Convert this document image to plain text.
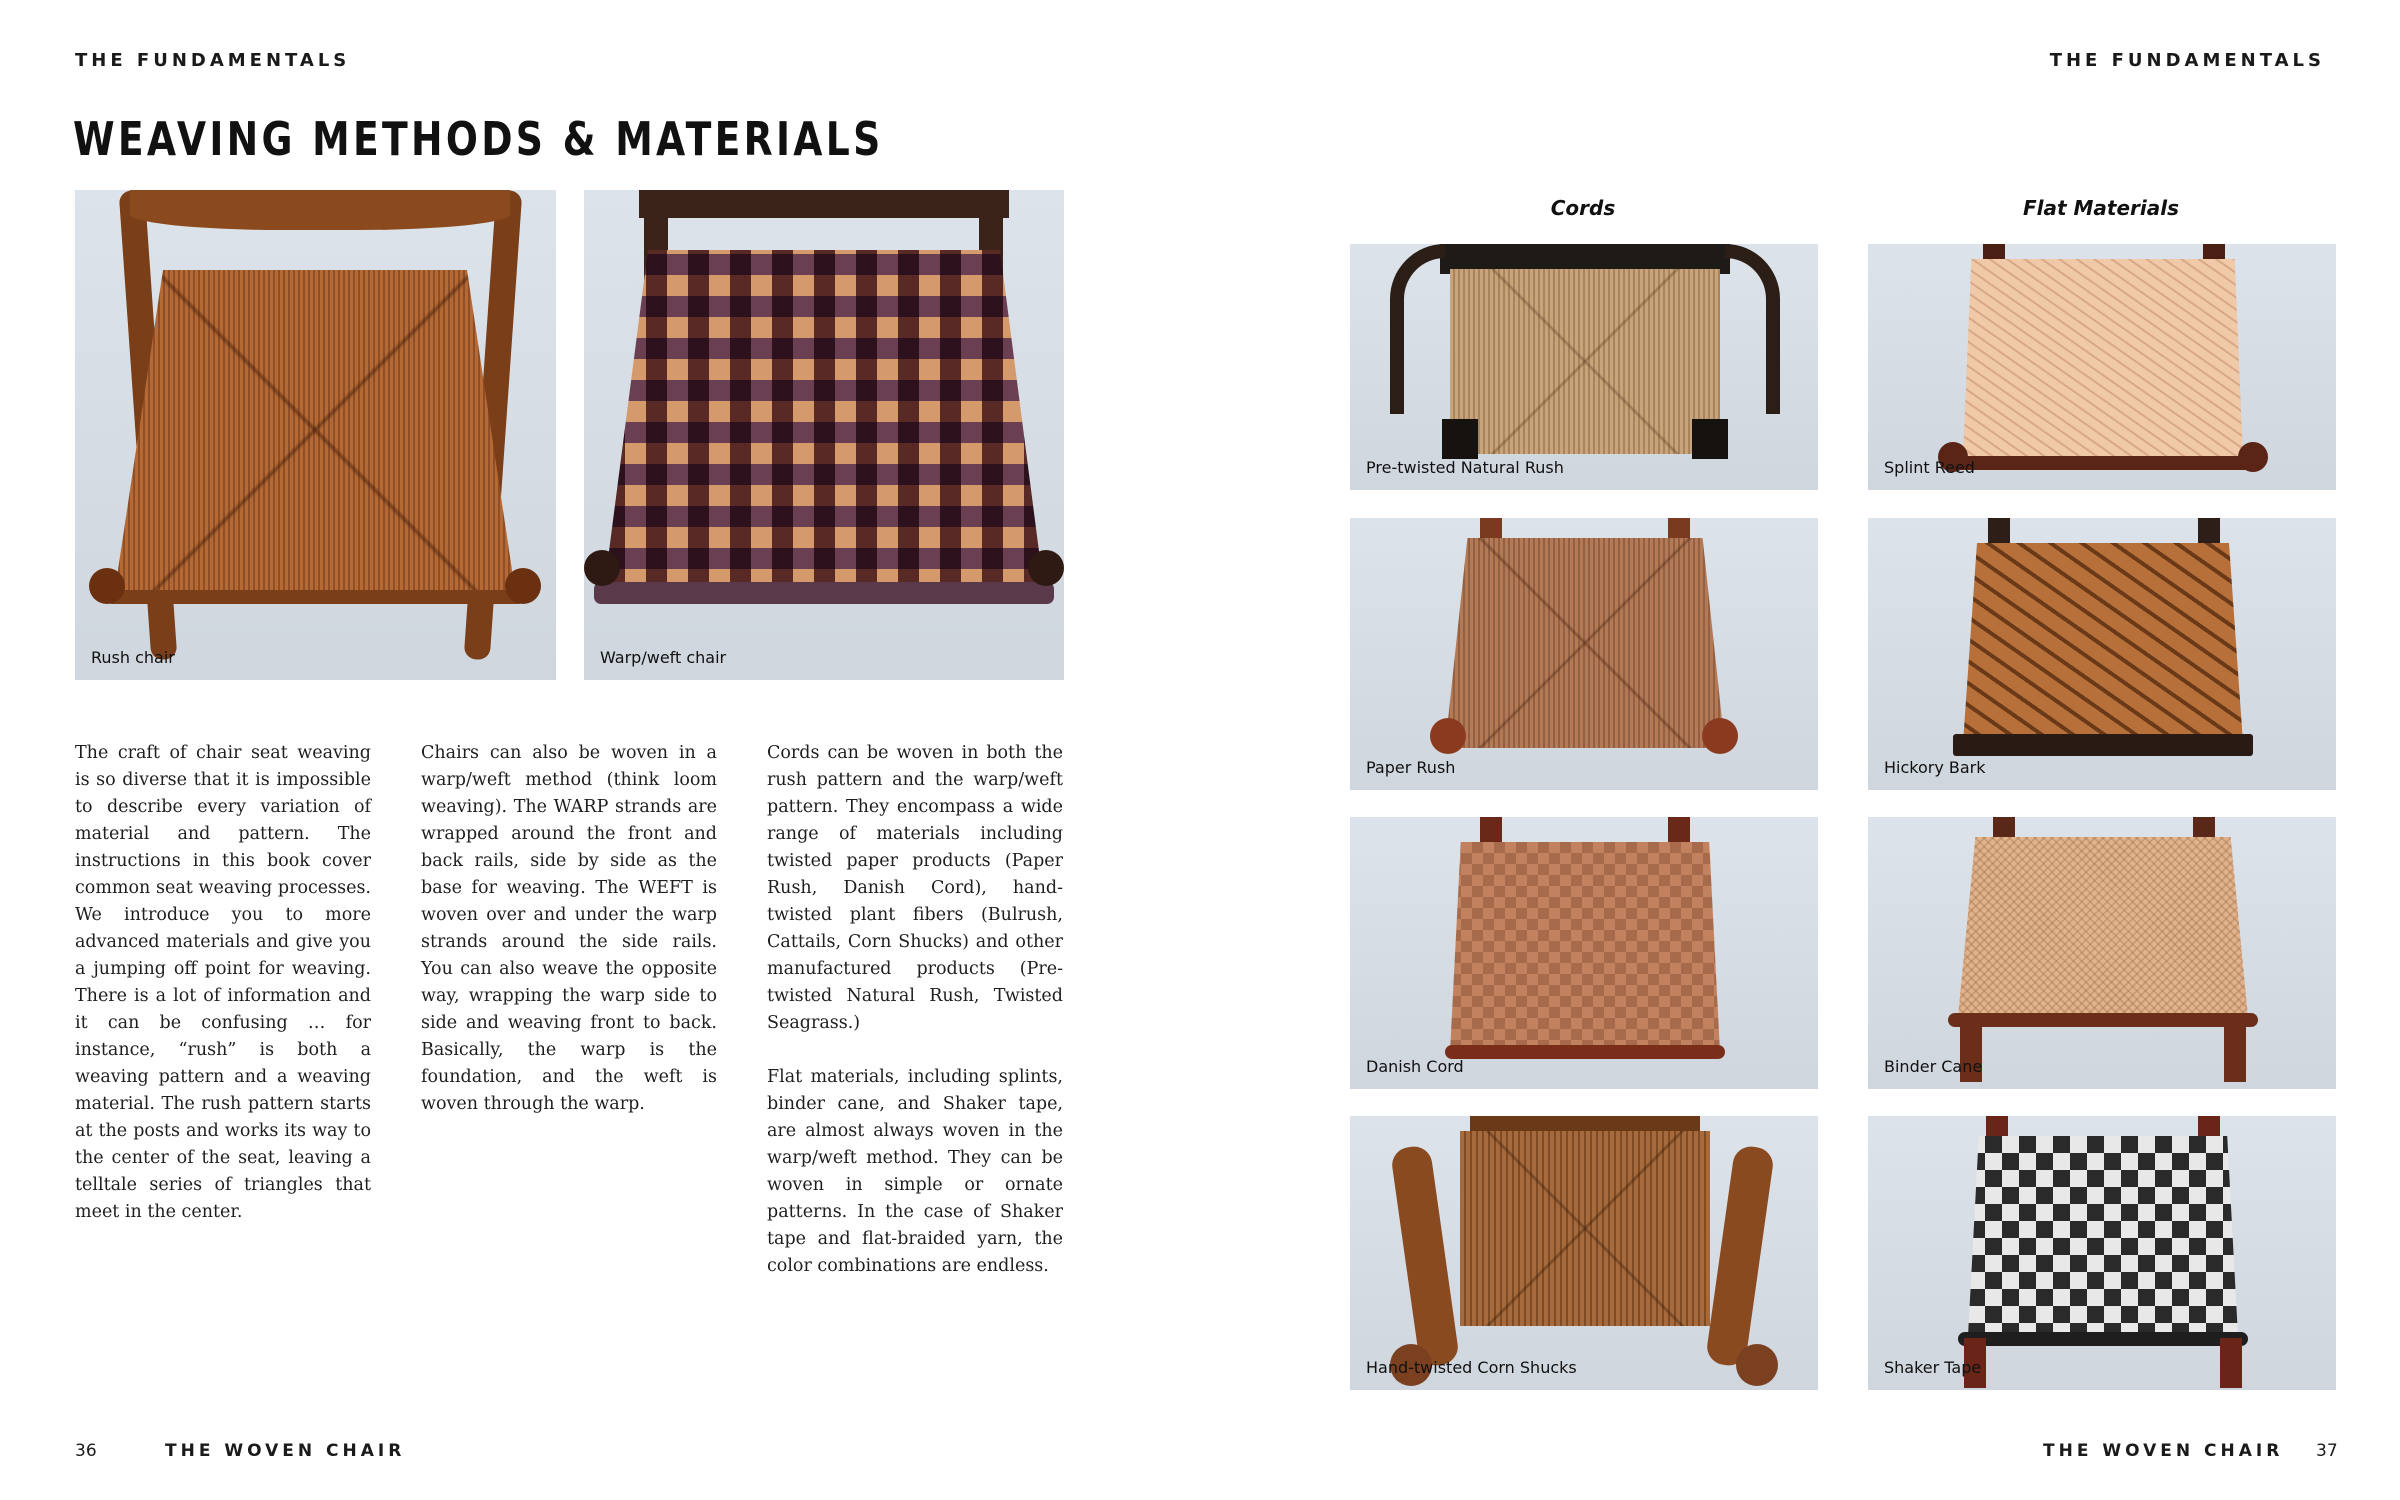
THE FUNDAMENTALS
WEAVING METHODS & MATERIALS
Rush chair	Warp/weft chair

The craft of chair seat weaving is so diverse that it is impossible to describe every variation of material and pattern. The instructions in this book cover common seat weaving processes. We introduce you to more advanced materials and give you a jumping off point for weaving. There is a lot of information and it can be confusing … for instance, “rush” is both a weaving pattern and a weaving material. The rush pattern starts at the posts and works its way to the center of the seat, leaving a telltale series of triangles that meet in the center.

Chairs can also be woven in a warp/weft method (think loom weaving). The WARP strands are wrapped around the front and back rails, side by side as the base for weaving. The WEFT is woven over and under the warp strands around the side rails. You can also weave the opposite way, wrapping the warp side to side and weaving front to back. Basically, the warp is the foundation, and the weft is woven through the warp.

Cords can be woven in both the rush pattern and the warp/weft pattern. They encompass a wide range of materials including twisted paper products (Paper Rush, Danish Cord), hand-twisted plant fibers (Bulrush, Cattails, Corn Shucks) and other manufactured products (Pre-twisted Natural Rush, Twisted Seagrass.)

Flat materials, including splints, binder cane, and Shaker tape, are almost always woven in the warp/weft method. They can be woven in simple or ornate patterns. In the case of Shaker tape and flat-braided yarn, the color combinations are endless.

36	THE WOVEN CHAIR
THE FUNDAMENTALS
Cords	Flat Materials
Pre-twisted Natural Rush
Paper Rush
Danish Cord
Hand-twisted Corn Shucks
Splint Reed
Hickory Bark
Binder Cane
Shaker Tape
THE WOVEN CHAIR 37
